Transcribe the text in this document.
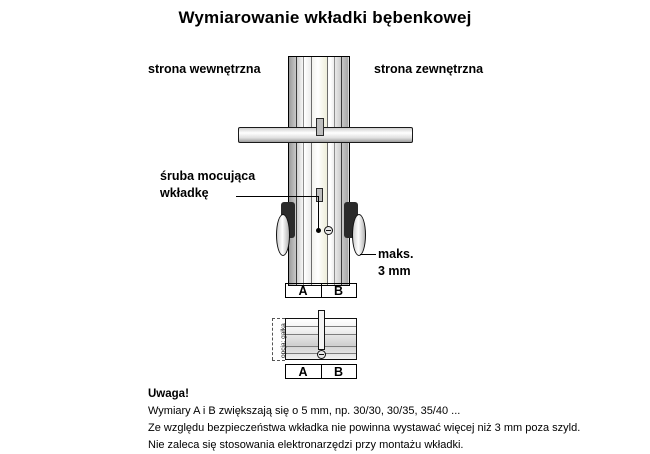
Wymiarowanie wkładki bębenkowej
strona wewnętrzna	strona zewnętrzna
śruba mocująca
wkładkę
maks.
3 mm
A	B
opcja: gałka
A	B
Uwaga!
Wymiary A i B zwiększają się o 5 mm, np. 30/30, 30/35, 35/40 ...
Ze względu bezpieczeństwa wkładka nie powinna wystawać więcej niż 3 mm poza szyld.
Nie zaleca się stosowania elektronarzędzi przy montażu wkładki.
